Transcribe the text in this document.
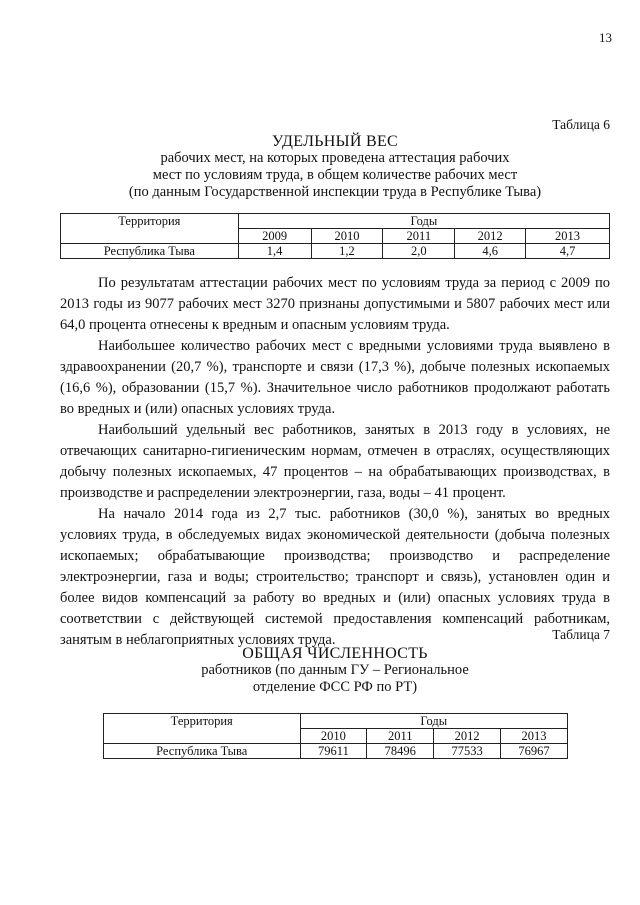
13
Таблица 6
УДЕЛЬНЫЙ ВЕС
рабочих мест, на которых проведена аттестация рабочих
мест по условиям труда, в общем количестве рабочих мест
(по данным Государственной инспекции труда в Республике Тыва)
Территория	Годы				
	2009	2010	2011	2012	2013
Республика Тыва	1,4	1,2	2,0	4,6	4,7

По результатам аттестации рабочих мест по условиям труда за период с 2009 по 2013 годы из 9077 рабочих мест 3270 признаны допустимыми и 5807 рабочих мест или 64,0 процента отнесены к вредным и опасным условиям труда.

Наибольшее количество рабочих мест с вредными условиями труда выявлено в здравоохранении (20,7 %), транспорте и связи (17,3 %), добыче полезных ископаемых (16,6 %), образовании (15,7 %). Значительное число работников продолжают работать во вредных и (или) опасных условиях труда.

Наибольший удельный вес работников, занятых в 2013 году в условиях, не отвечающих санитарно-гигиеническим нормам, отмечен в отраслях, осуществляющих добычу полезных ископаемых, 47 процентов – на обрабатывающих производствах, в производстве и распределении электроэнергии, газа, воды – 41 процент.

На начало 2014 года из 2,7 тыс. работников (30,0 %), занятых во вредных условиях труда, в обследуемых видах экономической деятельности (добыча полезных ископаемых; обрабатывающие производства; производство и распределение электроэнергии, газа и воды; строительство; транспорт и связь), установлен один и более видов компенсаций за работу во вредных и (или) опасных условиях труда в соответствии с действующей системой предоставления компенсаций работникам, занятым в неблагоприятных условиях труда.	Таблица 7
ОБЩАЯ ЧИСЛЕННОСТЬ
работников (по данным ГУ – Региональное
отделение ФСС РФ по РТ)
Территория	Годы			
	2010	2011	2012	2013
Республика Тыва	79611	78496	77533	76967
